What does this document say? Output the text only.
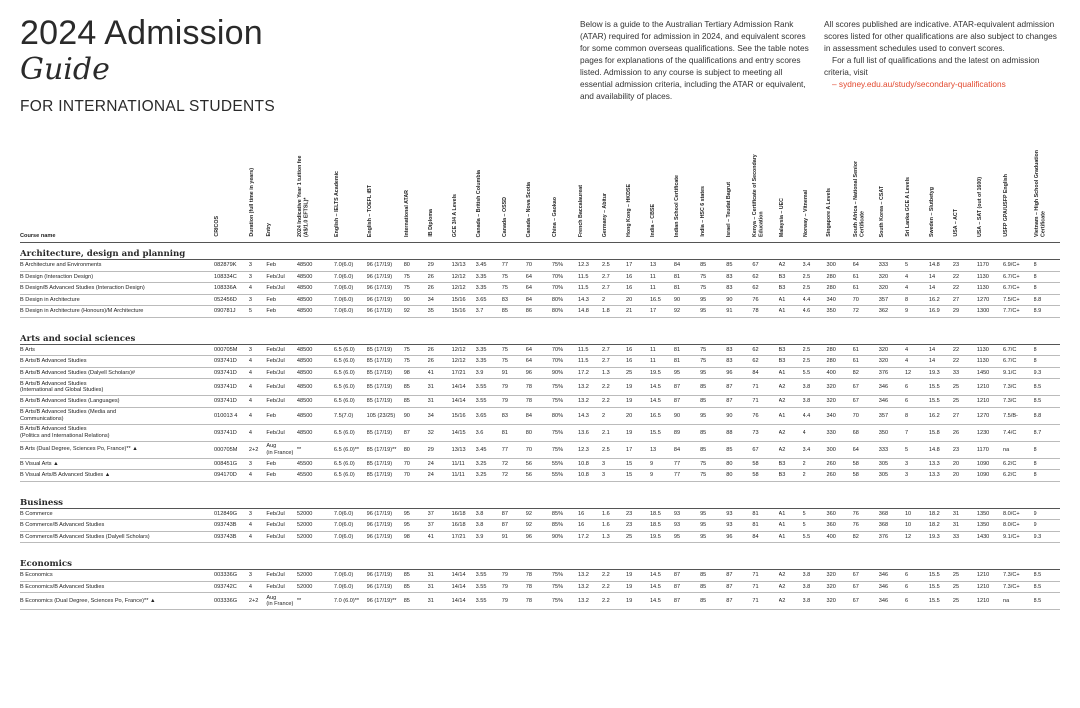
2024 Admission
Guide
FOR INTERNATIONAL STUDENTS
Below is a guide to the Australian Tertiary Admission Rank (ATAR) required for admission in 2024, and equivalent scores for some common overseas qualifications. See the table notes pages for explanations of the qualifications and entry scores listed. Admission to any course is subject to meeting all essential admission criteria, including the ATAR or equivalent, and availability of places.

All scores published are indicative. ATAR-equivalent admission scores listed for other qualifications are also subject to changes in assessment schedules used to convert scores.

For a full list of qualifications and the latest on admission criteria, visit

– sydney.edu.au/study/secondary-qualifications

Course name	CRICOS	Duration (full time in years)	Entry	2024 Indicative Year 1 tuition fee (A$/1.0 EFTSL)*	English – IELTS Academic	English – TOEFL iBT	International ATAR	IB Diploma	GCE 3/4 A Levels	Canada – British Columbia	Canada – OSSD	Canada – Nova Scotia	China – Gaokao	French Baccalaureat	Germany – Abitur	Hong Kong – HKDSE	India – CBSE	Indian School Certificate	India – HSC 6 states	Israel – Teudat Bagrut	Kenya – Certificate of Secondary Education	Malaysia – UEC	Norway – Vitnemal	Singapore A Levels	South Africa – National Senior Certificate	South Korea – CSAT	Sri Lanka GCE A Levels	Sweden – Slutbetyg	USA – ACT	USA – SAT (out of 1600)	USFP GPA/USFP English	Vietnam – High School Graduation Certificate
Architecture, design and planning																																
B Architecture and Environments	082879K	3	Feb	48500	7.0(6.0)	96 (17/19)	80	29	13/13	3.45	77	70	75%	12.3	2.5	17	13	84	85	85	67	A2	3.4	300	64	333	5	14.8	23	1170	6.9/C+	8
B Design (Interaction Design)	108334C	3	Feb/Jul	48500	7.0(6.0)	96 (17/19)	75	26	12/12	3.35	75	64	70%	11.5	2.7	16	11	81	75	83	62	B3	2.5	280	61	320	4	14	22	1130	6.7/C+	8
B Design/B Advanced Studies (Interaction Design)	108336A	4	Feb/Jul	48500	7.0(6.0)	96 (17/19)	75	26	12/12	3.35	75	64	70%	11.5	2.7	16	11	81	75	83	62	B3	2.5	280	61	320	4	14	22	1130	6.7/C+	8
B Design in Architecture	052456D	3	Feb	48500	7.0(6.0)	96 (17/19)	90	34	15/16	3.65	83	84	80%	14.3	2	20	16.5	90	95	90	76	A1	4.4	340	70	357	8	16.2	27	1270	7.5/C+	8.8
B Design in Architecture (Honours)/M Architecture	090781J	5	Feb	48500	7.0(6.0)	96 (17/19)	92	35	15/16	3.7	85	86	80%	14.8	1.8	21	17	92	95	91	78	A1	4.6	350	72	362	9	16.9	29	1300	7.7/C+	8.9

Arts and social sciences																																
B Arts	000705M	3	Feb/Jul	48500	6.5 (6.0)	85 (17/19)	75	26	12/12	3.35	75	64	70%	11.5	2.7	16	11	81	75	83	62	B3	2.5	280	61	320	4	14	22	1130	6.7/C	8
B Arts/B Advanced Studies	093741D	4	Feb/Jul	48500	6.5 (6.0)	85 (17/19)	75	26	12/12	3.35	75	64	70%	11.5	2.7	16	11	81	75	83	62	B3	2.5	280	61	320	4	14	22	1130	6.7/C	8
B Arts/B Advanced Studies (Dalyell Scholars)#	093741D	4	Feb/Jul	48500	6.5 (6.0)	85 (17/19)	98	41	17/21	3.9	91	96	90%	17.2	1.3	25	19.5	95	95	96	84	A1	5.5	400	82	376	12	19.3	33	1450	9.1/C	9.3

B Arts/B Advanced Studies
(International and Global Studies)	093741D	4	Feb/Jul	48500	6.5 (6.0)	85 (17/19)	85	31	14/14	3.55	79	78	75%	13.2	2.2	19	14.5	87	85	87	71	A2	3.8	320	67	346	6	15.5	25	1210	7.3/C	8.5
B Arts/B Advanced Studies (Languages)	093741D	4	Feb/Jul	48500	6.5 (6.0)	85 (17/19)	85	31	14/14	3.55	79	78	75%	13.2	2.2	19	14.5	87	85	87	71	A2	3.8	320	67	346	6	15.5	25	1210	7.3/C	8.5

B Arts/B Advanced Studies (Media and
Communications)	010013 4	4	Feb	48500	7.5(7.0)	105 (23/25)	90	34	15/16	3.65	83	84	80%	14.3	2	20	16.5	90	95	90	76	A1	4.4	340	70	357	8	16.2	27	1270	7.5/B-	8.8

B Arts/B Advanced Studies
(Politics and International Relations)	093741D	4	Feb/Jul	48500	6.5 (6.0)	85 (17/19)	87	32	14/15	3.6	81	80	75%	13.6	2.1	19	15.5	89	85	88	73	A2	4	330	68	350	7	15.8	26	1230	7.4/C	8.7
B Arts (Dual Degree, Sciences Po, France)** ▲	000705M	2+2	Aug
(in France)	**	6.5 (6.0)**	85 (17/19)**	80	29	13/13	3.45	77	70	75%	12.3	2.5	17	13	84	85	85	67	A2	3.4	300	64	333	5	14.8	23	1170	na	8
B Visual Arts ▲	008451G	3	Feb	45500	6.5 (6.0)	85 (17/19)	70	24	11/11	3.25	72	56	55%	10.8	3	15	9	77	75	80	58	B3	2	260	58	305	3	13.3	20	1090	6.2/C	8
B Visual Arts/B Advanced Studies ▲	094170D	4	Feb	45500	6.5 (6.0)	85 (17/19)	70	24	11/11	3.25	72	56	55%	10.8	3	15	9	77	75	80	58	B3	2	260	58	305	3	13.3	20	1090	6.2/C	8

Business																																
B Commerce	012849G	3	Feb/Jul	52000	7.0(6.0)	96 (17/19)	95	37	16/18	3.8	87	92	85%	16	1.6	23	18.5	93	95	93	81	A1	5	360	76	368	10	18.2	31	1350	8.0/C+	9
B Commerce/B Advanced Studies	093743B	4	Feb/Jul	52000	7.0(6.0)	96 (17/19)	95	37	16/18	3.8	87	92	85%	16	1.6	23	18.5	93	95	93	81	A1	5	360	76	368	10	18.2	31	1350	8.0/C+	9
B Commerce/B Advanced Studies (Dalyell Scholars)	093743B	4	Feb/Jul	52000	7.0(6.0)	96 (17/19)	98	41	17/21	3.9	91	96	90%	17.2	1.3	25	19.5	95	95	96	84	A1	5.5	400	82	376	12	19.3	33	1430	9.1/C+	9.3

Economics																																
B Economics	003336G	3	Feb/Jul	52000	7.0(6.0)	96 (17/19)	85	31	14/14	3.55	79	78	75%	13.2	2.2	19	14.5	87	85	87	71	A2	3.8	320	67	346	6	15.5	25	1210	7.3/C+	8.5
B Economics/B Advanced Studies	093742C	4	Feb/Jul	52000	7.0(6.0)	96 (17/19)	85	31	14/14	3.55	79	78	75%	13.2	2.2	19	14.5	87	85	87	71	A2	3.8	320	67	346	6	15.5	25	1210	7.3/C+	8.5
B Economics (Dual Degree, Sciences Po, France)** ▲	003336G	2+2	Aug
(in France)	**	7.0 (6.0)**	96 (17/19)**	85	31	14/14	3.55	79	78	75%	13.2	2.2	19	14.5	87	85	87	71	A2	3.8	320	67	346	6	15.5	25	1210	na	8.5
